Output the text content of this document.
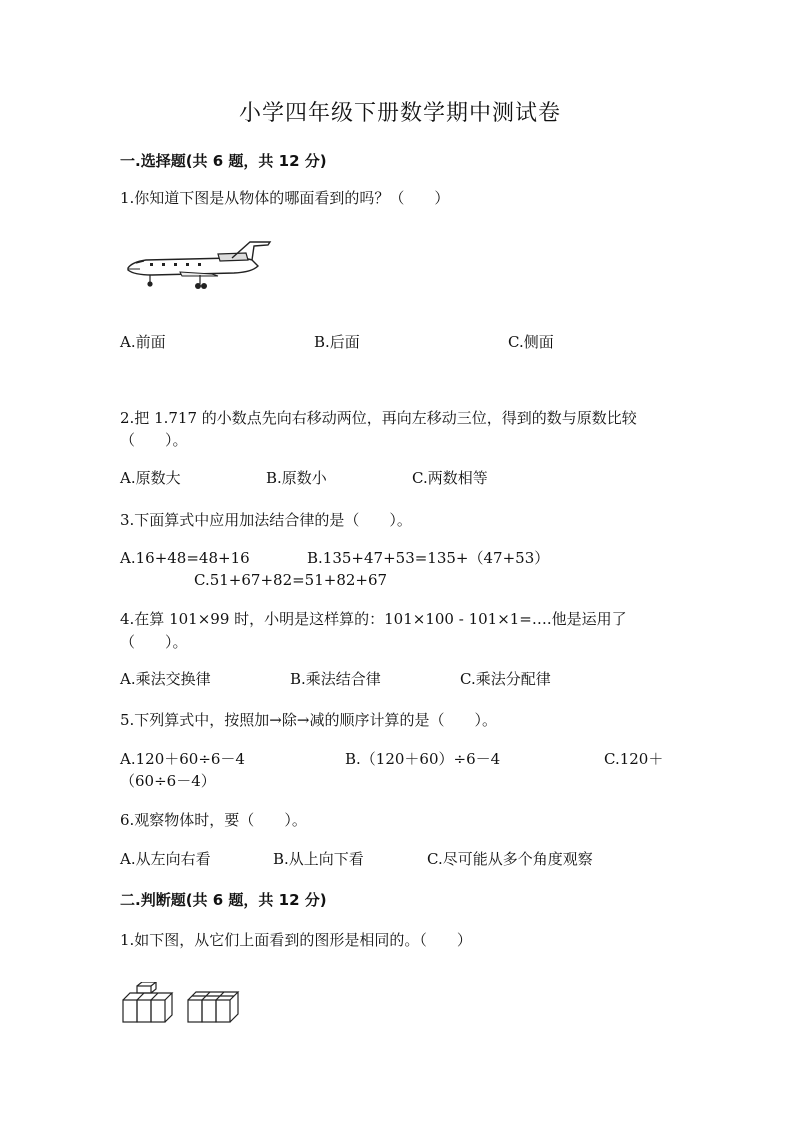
小学四年级下册数学期中测试卷
一.选择题(共 6 题，共 12 分)
1.你知道下图是从物体的哪面看到的吗？（　　）
A.前面	B.后面	C.侧面
2.把 1.717 的小数点先向右移动两位，再向左移动三位，得到的数与原数比较
（　　）。
A.原数大	B.原数小	C.两数相等
3.下面算式中应用加法结合律的是（　　）。
A.16+48=48+16	B.135+47+53=135+（47+53）
C.51+67+82=51+82+67
4.在算 101×99 时，小明是这样算的：101×100 - 101×1=….他是运用了
（　　）。
A.乘法交换律	B.乘法结合律	C.乘法分配律
5.下列算式中，按照加→除→减的顺序计算的是（　　）。
A.120＋60÷6－4	B.（120＋60）÷6－4	C.120＋
（60÷6－4）
6.观察物体时，要（　　）。
A.从左向右看	B.从上向下看	C.尽可能从多个角度观察
二.判断题(共 6 题，共 12 分)
1.如下图，从它们上面看到的图形是相同的。（　　）
